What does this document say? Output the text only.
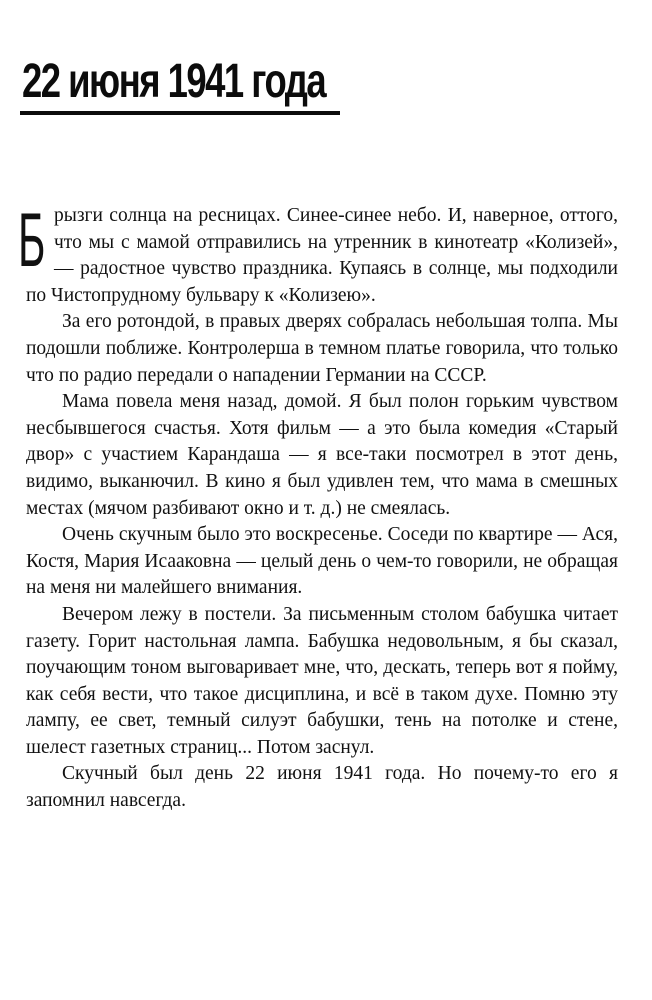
22 июня 1941 года

Брызги солнца на ресницах. Синее-синее небо. И, наверное, оттого, что мы с мамой отправились на утренник в кинотеатр «Колизей», — радостное чувство праздника. Купаясь в солнце, мы подходили по Чистопрудному бульвару к «Колизею».

За его ротондой, в правых дверях собралась небольшая толпа. Мы подошли поближе. Контролерша в темном платье говорила, что только что по радио передали о нападении Германии на СССР.

Мама повела меня назад, домой. Я был полон горьким чувством несбывшегося счастья. Хотя фильм — а это была комедия «Старый двор» с участием Карандаша — я все-таки посмотрел в этот день, видимо, выканючил. В кино я был удивлен тем, что мама в смешных местах (мячом разбивают окно и т. д.) не смеялась.

Очень скучным было это воскресенье. Соседи по квартире — Ася, Костя, Мария Исааковна — целый день о чем-то говорили, не обращая на меня ни малейшего внимания.

Вечером лежу в постели. За письменным столом бабушка читает газету. Горит настольная лампа. Бабушка недовольным, я бы сказал, поучающим тоном выговаривает мне, что, дескать, теперь вот я пойму, как себя вести, что такое дисциплина, и всё в таком духе. Помню эту лампу, ее свет, темный силуэт бабушки, тень на потолке и стене, шелест газетных страниц... Потом заснул.

Скучный был день 22 июня 1941 года. Но почему-то его я запомнил навсегда.
